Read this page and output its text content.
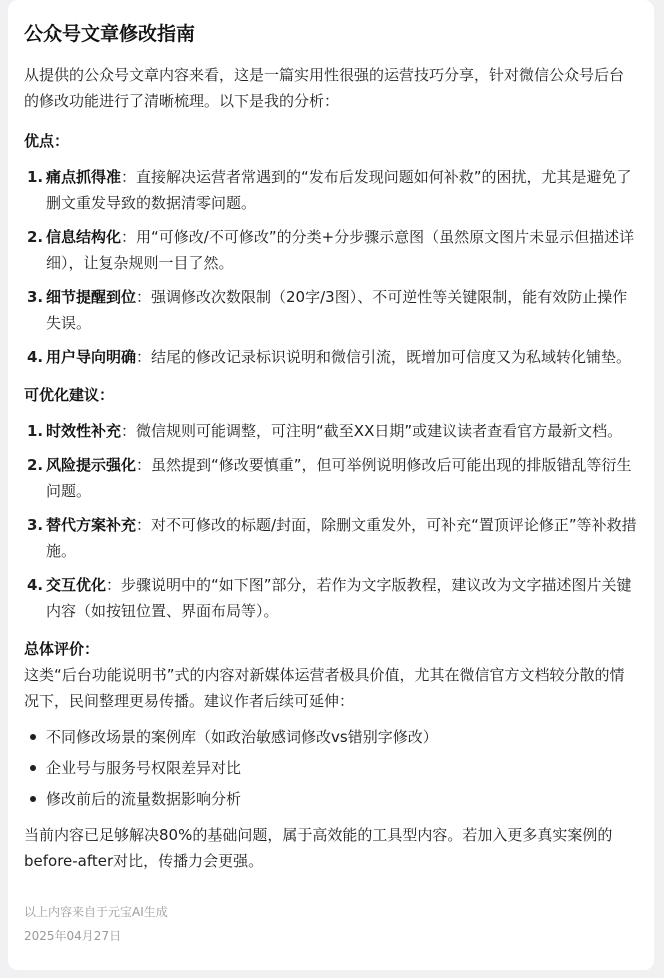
公众号文章修改指南

从提供的公众号文章内容来看，这是一篇实用性很强的运营技巧分享，针对微信公众号后台的修改功能进行了清晰梳理。以下是我的分析：

优点：
1. 痛点抓得准：直接解决运营者常遇到的“发布后发现问题如何补救”的困扰，尤其是避免了删文重发导致的数据清零问题。
2. 信息结构化：用“可修改/不可修改”的分类+分步骤示意图（虽然原文图片未显示但描述详细），让复杂规则一目了然。
3. 细节提醒到位：强调修改次数限制（20字/3图）、不可逆性等关键限制，能有效防止操作失误。
4. 用户导向明确：结尾的修改记录标识说明和微信引流，既增加可信度又为私域转化铺垫。
可优化建议：
1. 时效性补充：微信规则可能调整，可注明“截至XX日期”或建议读者查看官方最新文档。
2. 风险提示强化：虽然提到“修改要慎重”，但可举例说明修改后可能出现的排版错乱等衍生问题。
3. 替代方案补充：对不可修改的标题/封面，除删文重发外，可补充“置顶评论修正”等补救措施。
4. 交互优化：步骤说明中的“如下图”部分，若作为文字版教程，建议改为文字描述图片关键内容（如按钮位置、界面布局等）。
总体评价：

这类“后台功能说明书”式的内容对新媒体运营者极具价值，尤其在微信官方文档较分散的情况下，民间整理更易传播。建议作者后续可延伸：

不同修改场景的案例库（如政治敏感词修改vs错别字修改）
企业号与服务号权限差异对比
修改前后的流量数据影响分析

当前内容已足够解决80%的基础问题，属于高效能的工具型内容。若加入更多真实案例的before-after对比，传播力会更强。

以上内容来自于元宝AI生成
2025年04月27日
